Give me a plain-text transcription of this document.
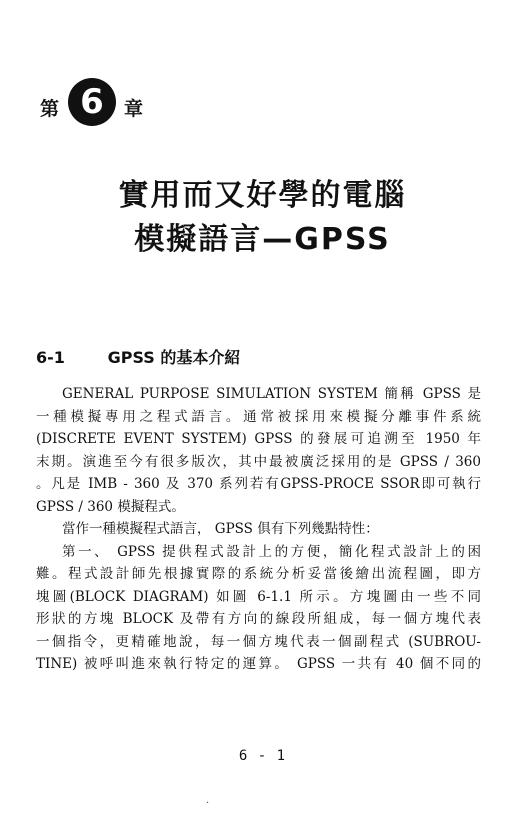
第 6	章
實用而又好學的電腦
模擬語言—GPSS
6-1	GPSS 的基本介紹
GENERAL PURPOSE SIMULATION SYSTEM 簡稱 GPSS 是
一種模擬專用之程式語言。通常被採用來模擬分離事件系統
(DISCRETE EVENT SYSTEM) GPSS 的發展可追溯至 1950 年
末期。演進至今有很多版次，其中最被廣泛採用的是 GPSS / 360
。凡是 IMB - 360 及 370 系列若有GPSS-PROCE SSOR即可執行
GPSS / 360 模擬程式。
當作一種模擬程式語言， GPSS 俱有下列幾點特性：
第一、 GPSS 提供程式設計上的方便，簡化程式設計上的困
難。程式設計師先根據實際的系統分析妥當後繪出流程圖，即方
塊圖(BLOCK DIAGRAM) 如圖 6-1.1 所示。方塊圖由一些不同
形狀的方塊 BLOCK 及帶有方向的線段所組成，每一個方塊代表
一個指令，更精確地說，每一個方塊代表一個副程式 (SUBROU-
TINE) 被呼叫進來執行特定的運算。 GPSS 一共有 40 個不同的
6 - 1
·
